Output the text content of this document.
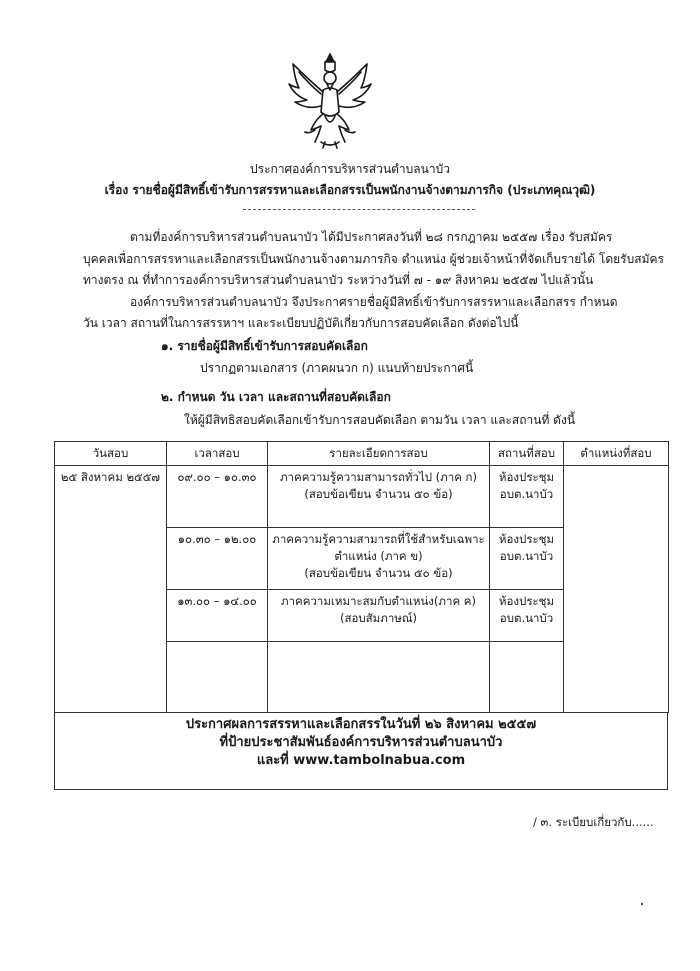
ประกาศองค์การบริหารส่วนตำบลนาบัว
เรื่อง รายชื่อผู้มีสิทธิ์เข้ารับการสรรหาและเลือกสรรเป็นพนักงานจ้างตามภารกิจ (ประเภทคุณวุฒิ)
ตามที่องค์การบริหารส่วนตำบลนาบัว ได้มีประกาศลงวันที่ ๒๘ กรกฎาคม ๒๕๕๗ เรื่อง รับสมัคร
บุคคลเพื่อการสรรหาและเลือกสรรเป็นพนักงานจ้างตามภารกิจ ตำแหน่ง ผู้ช่วยเจ้าหน้าที่จัดเก็บรายได้ โดยรับสมัคร
ทางตรง ณ ที่ทำการองค์การบริหารส่วนตำบลนาบัว ระหว่างวันที่ ๗ - ๑๙ สิงหาคม ๒๕๕๗ ไปแล้วนั้น
องค์การบริหารส่วนตำบลนาบัว จึงประกาศรายชื่อผู้มีสิทธิ์เข้ารับการสรรหาและเลือกสรร กำหนด
วัน เวลา สถานที่ในการสรรหาฯ และระเบียบปฏิบัติเกี่ยวกับการสอบคัดเลือก ดังต่อไปนี้
๑. รายชื่อผู้มีสิทธิ์เข้ารับการสอบคัดเลือก
ปรากฏตามเอกสาร (ภาคผนวก ก) แนบท้ายประกาศนี้
๒. กำหนด วัน เวลา และสถานที่สอบคัดเลือก
ให้ผู้มีสิทธิสอบคัดเลือกเข้ารับการสอบคัดเลือก ตามวัน เวลา และสถานที่ ดังนี้
วันสอบ	เวลาสอบ	รายละเอียดการสอบ	สถานที่สอบ	ตำแหน่งที่สอบ

๒๕ สิงหาคม ๒๕๕๗	๐๙.๐๐ – ๑๐.๓๐	ภาคความรู้ความสามารถทั่วไป (ภาค ก)
(สอบข้อเขียน จำนวน ๕๐ ข้อ)	ห้องประชุม
อบต.นาบัว	

	๑๐.๓๐ – ๑๒.๐๐	ภาคความรู้ความสามารถที่ใช้สำหรับเฉพาะ
ตำแหน่ง (ภาค ข)
(สอบข้อเขียน จำนวน ๕๐ ข้อ)	ห้องประชุม
อบต.นาบัว	

	๑๓.๐๐ – ๑๔.๐๐	ภาคความเหมาะสมกับตำแหน่ง(ภาค ค)
(สอบสัมภาษณ์)	ห้องประชุม
อบต.นาบัว	

ประกาศผลการสรรหาและเลือกสรรในวันที่ ๒๖ สิงหาคม ๒๕๕๗
ที่ป้ายประชาสัมพันธ์องค์การบริหารส่วนตำบลนาบัว
และที่ www.tambolnabua.com
/ ๓. ระเบียบเกี่ยวกับ......
